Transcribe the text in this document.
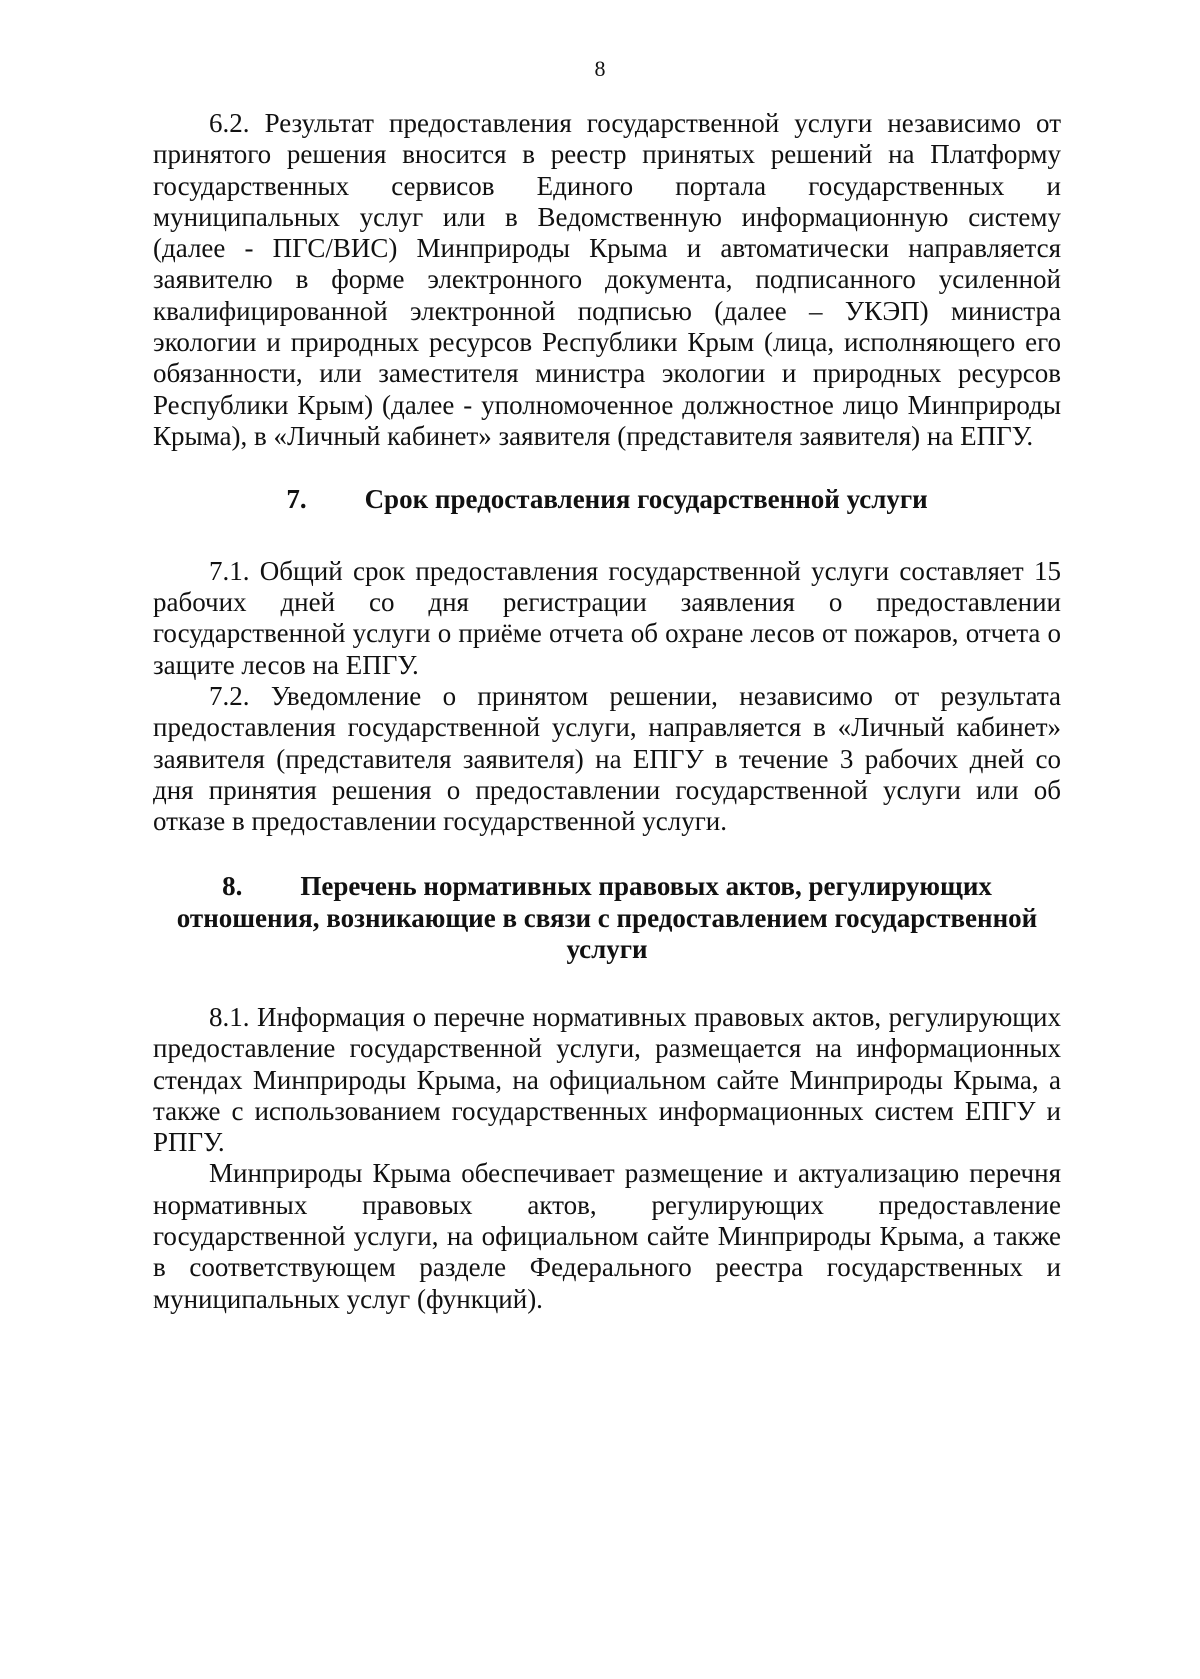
8

6.2. Результат предоставления государственной услуги независимо от принятого решения вносится в реестр принятых решений на Платформу государственных сервисов Единого портала государственных и муниципальных услуг или в Ведомственную информационную систему (далее - ПГС/ВИС) Минприроды Крыма и автоматически направляется заявителю в форме электронного документа, подписанного усиленной квалифицированной электронной подписью (далее – УКЭП) министра экологии и природных ресурсов Республики Крым (лица, исполняющего его обязанности, или заместителя министра экологии и природных ресурсов Республики Крым) (далее - уполномоченное должностное лицо Минприроды Крыма), в «Личный кабинет» заявителя (представителя заявителя) на ЕПГУ.

7. Срок предоставления государственной услуги

7.1. Общий срок предоставления государственной услуги составляет 15 рабочих дней со дня регистрации заявления о предоставлении государственной услуги о приёме отчета об охране лесов от пожаров, отчета о защите лесов на ЕПГУ.

7.2. Уведомление о принятом решении, независимо от результата предоставления государственной услуги, направляется в «Личный кабинет» заявителя (представителя заявителя) на ЕПГУ в течение 3 рабочих дней со дня принятия решения о предоставлении государственной услуги или об отказе в предоставлении государственной услуги.

8. Перечень нормативных правовых актов, регулирующих отношения, возникающие в связи с предоставлением государственной услуги

8.1. Информация о перечне нормативных правовых актов, регулирующих предоставление государственной услуги, размещается на информационных стендах Минприроды Крыма, на официальном сайте Минприроды Крыма, а также с использованием государственных информационных систем ЕПГУ и РПГУ.

Минприроды Крыма обеспечивает размещение и актуализацию перечня нормативных правовых актов, регулирующих предоставление государственной услуги, на официальном сайте Минприроды Крыма, а также в соответствующем разделе Федерального реестра государственных и муниципальных услуг (функций).
